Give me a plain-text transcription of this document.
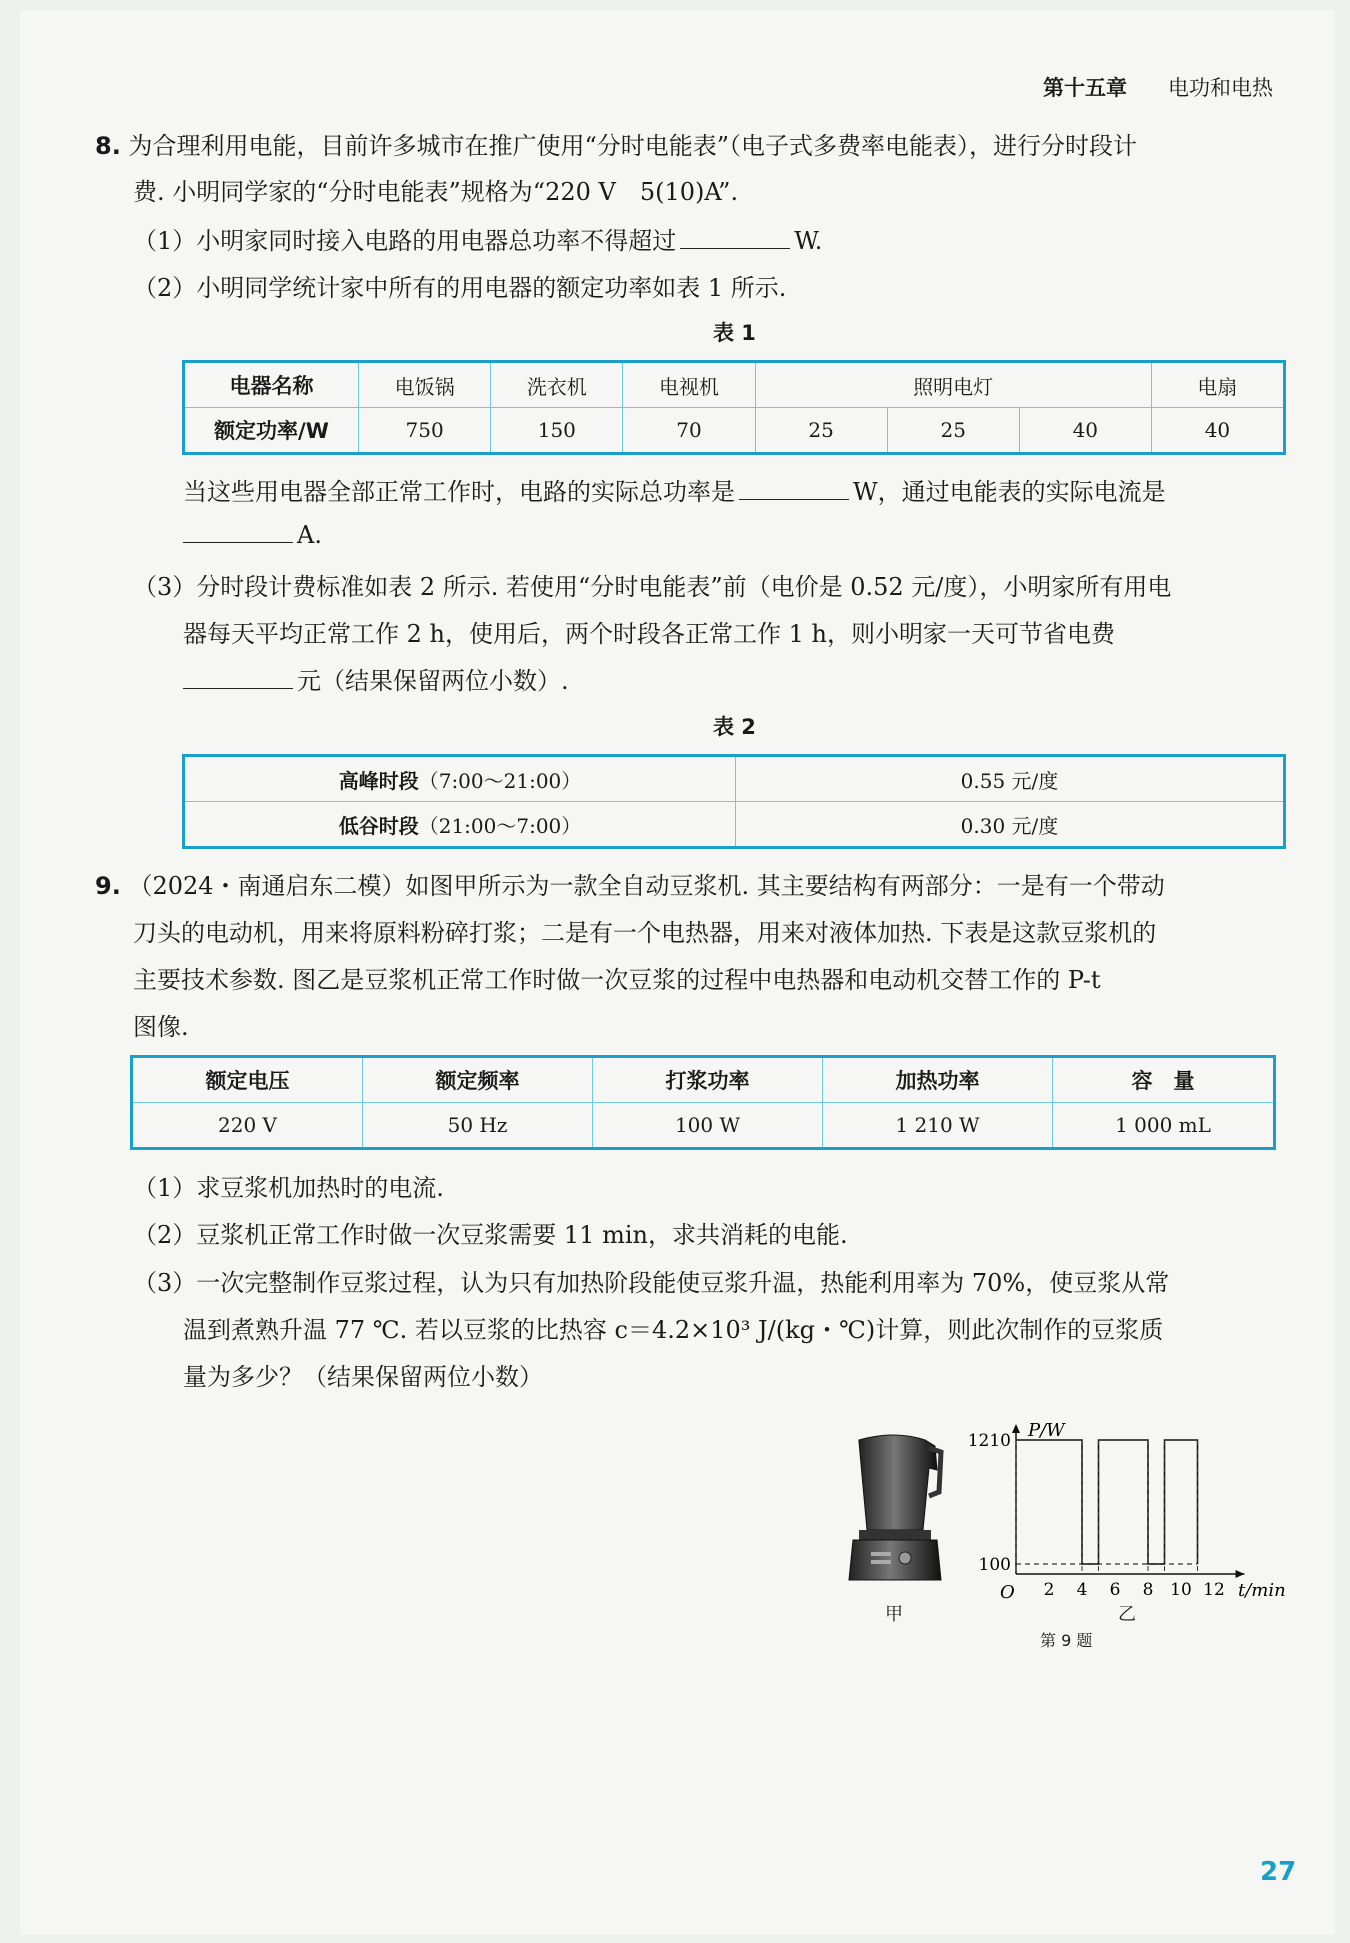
第十五章 电功和电热
8. 为合理利用电能，目前许多城市在推广使用“分时电能表”（电子式多费率电能表），进行分时段计
费. 小明同学家的“分时电能表”规格为“220 V　5(10)A”.
（1）小明家同时接入电路的用电器总功率不得超过	W.
（2）小明同学统计家中所有的用电器的额定功率如表 1 所示.
表 1
电器名称	电饭锅	洗衣机	电视机	照明电灯			电扇
额定功率/W	750	150	70	25	25	40	40
当这些用电器全部正常工作时，电路的实际总功率是	W，通过电能表的实际电流是
A.
（3）分时段计费标准如表 2 所示. 若使用“分时电能表”前（电价是 0.52 元/度），小明家所有用电
器每天平均正常工作 2 h，使用后，两个时段各正常工作 1 h，则小明家一天可节省电费
元（结果保留两位小数）.
表 2
高峰时段（7:00～21:00）	0.55 元/度
低谷时段（21:00～7:00）	0.30 元/度
9. （2024・南通启东二模）如图甲所示为一款全自动豆浆机. 其主要结构有两部分：一是有一个带动
刀头的电动机，用来将原料粉碎打浆；二是有一个电热器，用来对液体加热. 下表是这款豆浆机的
主要技术参数. 图乙是豆浆机正常工作时做一次豆浆的过程中电热器和电动机交替工作的 P-t
图像.
额定电压	额定频率	打浆功率	加热功率	容　量
220 V	50 Hz	100 W	1 210 W	1 000 mL
（1）求豆浆机加热时的电流.
（2）豆浆机正常工作时做一次豆浆需要 11 min，求共消耗的电能.
（3）一次完整制作豆浆过程，认为只有加热阶段能使豆浆升温，热能利用率为 70%，使豆浆从常
温到煮熟升温 77 ℃. 若以豆浆的比热容 c＝4.2×10³ J/(kg・℃)计算，则此次制作的豆浆质
量为多少？（结果保留两位小数）
甲
P/W
O	t/min
100
1210
2 4 6 8 10 12
乙
第 9 题
27
